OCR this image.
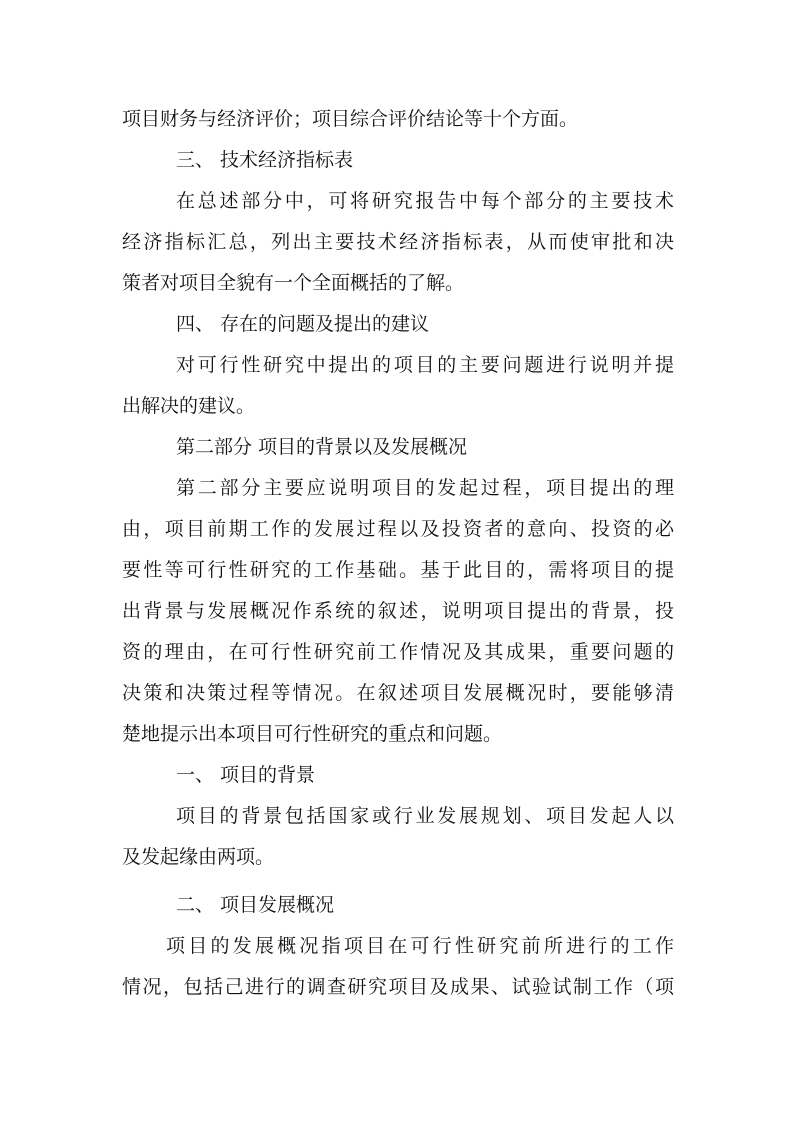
项目财务与经济评价；项目综合评价结论等十个方面。
三、 技术经济指标表
在总述部分中，可将研究报告中每个部分的主要技术
经济指标汇总，列出主要技术经济指标表，从而使审批和决
策者对项目全貌有一个全面概括的了解。
四、 存在的问题及提出的建议
对可行性研究中提出的项目的主要问题进行说明并提
出解决的建议。
第二部分 项目的背景以及发展概况
第二部分主要应说明项目的发起过程，项目提出的理
由，项目前期工作的发展过程以及投资者的意向、投资的必
要性等可行性研究的工作基础。基于此目的，需将项目的提
出背景与发展概况作系统的叙述，说明项目提出的背景，投
资的理由，在可行性研究前工作情况及其成果，重要问题的
决策和决策过程等情况。在叙述项目发展概况时，要能够清
楚地提示出本项目可行性研究的重点和问题。
一、 项目的背景
项目的背景包括国家或行业发展规划、项目发起人以
及发起缘由两项。
二、 项目发展概况
项目的发展概况指项目在可行性研究前所进行的工作
情况，包括己进行的调查研究项目及成果、试验试制工作（项
